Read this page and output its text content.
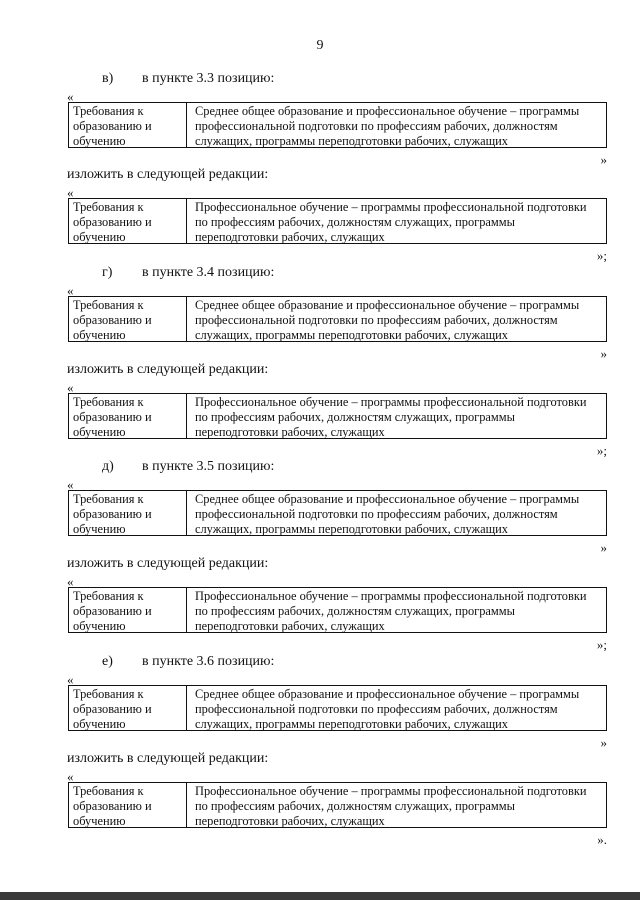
9
в) в пункте 3.3 позицию:
«
Требования к
образованию и
обучению
Среднее общее образование и профессиональное обучение – программы
профессиональной подготовки по профессиям рабочих, должностям
служащих, программы переподготовки рабочих, служащих
»
изложить в следующей редакции:
«
Требования к
образованию и
обучению
Профессиональное обучение – программы профессиональной подготовки
по профессиям рабочих, должностям служащих, программы
переподготовки рабочих, служащих
»;
г) в пункте 3.4 позицию:
«
Требования к
образованию и
обучению
Среднее общее образование и профессиональное обучение – программы
профессиональной подготовки по профессиям рабочих, должностям
служащих, программы переподготовки рабочих, служащих
»
изложить в следующей редакции:
«
Требования к
образованию и
обучению
Профессиональное обучение – программы профессиональной подготовки
по профессиям рабочих, должностям служащих, программы
переподготовки рабочих, служащих
»;
д) в пункте 3.5 позицию:
«
Требования к
образованию и
обучению
Среднее общее образование и профессиональное обучение – программы
профессиональной подготовки по профессиям рабочих, должностям
служащих, программы переподготовки рабочих, служащих
»
изложить в следующей редакции:
«
Требования к
образованию и
обучению
Профессиональное обучение – программы профессиональной подготовки
по профессиям рабочих, должностям служащих, программы
переподготовки рабочих, служащих
»;
е) в пункте 3.6 позицию:
«
Требования к
образованию и
обучению
Среднее общее образование и профессиональное обучение – программы
профессиональной подготовки по профессиям рабочих, должностям
служащих, программы переподготовки рабочих, служащих
»
изложить в следующей редакции:
«
Требования к
образованию и
обучению
Профессиональное обучение – программы профессиональной подготовки
по профессиям рабочих, должностям служащих, программы
переподготовки рабочих, служащих
».
